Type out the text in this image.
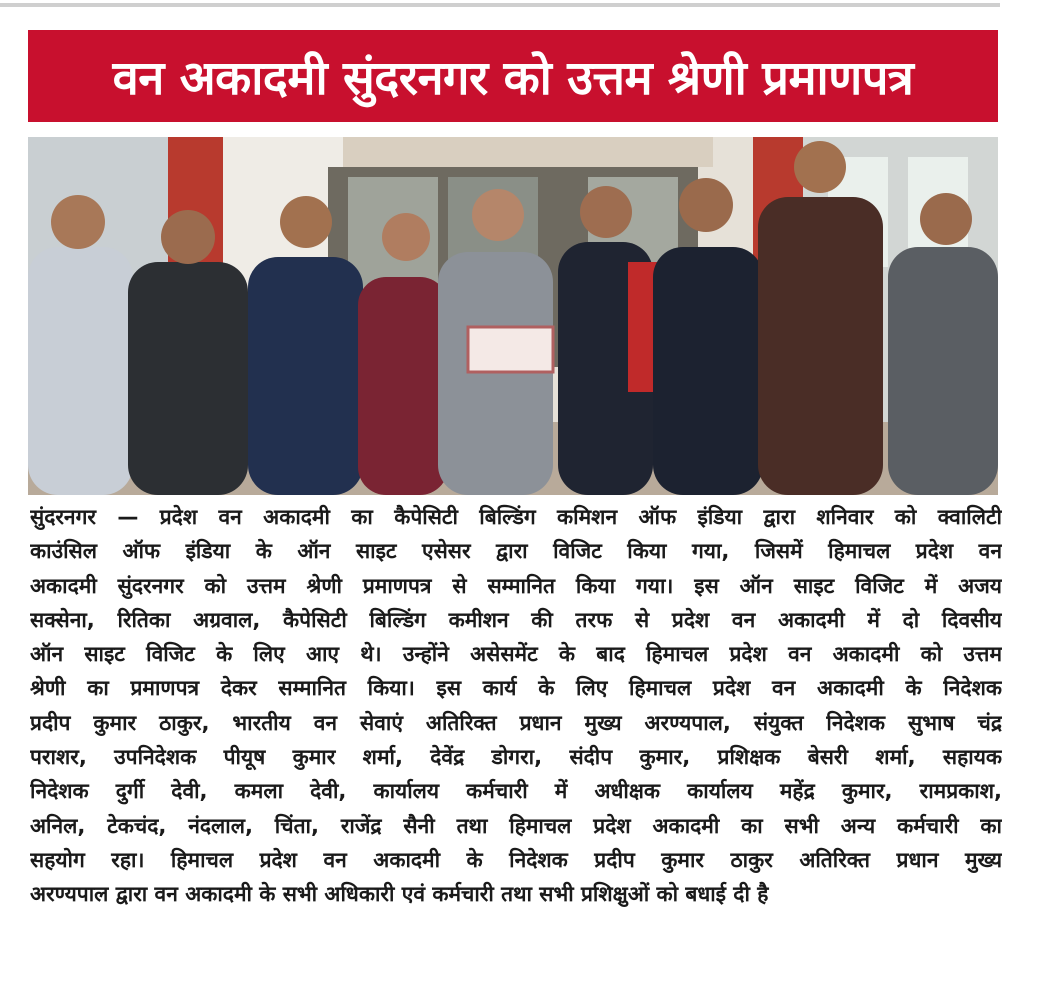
वन अकादमी सुंदरनगर को उत्तम श्रेणी प्रमाणपत्र
सुंदरनगर — प्रदेश वन अकादमी का कैपेसिटी बिल्डिंग कमिशन ऑफ इंडिया द्वारा शनिवार को क्वालिटी
काउंसिल ऑफ इंडिया के ऑन साइट एसेसर द्वारा विजिट किया गया, जिसमें हिमाचल प्रदेश वन
अकादमी सुंदरनगर को उत्तम श्रेणी प्रमाणपत्र से सम्मानित किया गया। इस ऑन साइट विजिट में अजय
सक्सेना, रितिका अग्रवाल, कैपेसिटी बिल्डिंग कमीशन की तरफ से प्रदेश वन अकादमी में दो दिवसीय
ऑन साइट विजिट के लिए आए थे। उन्होंने असेसमेंट के बाद हिमाचल प्रदेश वन अकादमी को उत्तम
श्रेणी का प्रमाणपत्र देकर सम्मानित किया। इस कार्य के लिए हिमाचल प्रदेश वन अकादमी के निदेशक
प्रदीप कुमार ठाकुर, भारतीय वन सेवाएं अतिरिक्त प्रधान मुख्य अरण्यपाल, संयुक्त निदेशक सुभाष चंद्र
पराशर, उपनिदेशक पीयूष कुमार शर्मा, देवेंद्र डोगरा, संदीप कुमार, प्रशिक्षक बेसरी शर्मा, सहायक
निदेशक दुर्गी देवी, कमला देवी, कार्यालय कर्मचारी में अधीक्षक कार्यालय महेंद्र कुमार, रामप्रकाश,
अनिल, टेकचंद, नंदलाल, चिंता, राजेंद्र सैनी तथा हिमाचल प्रदेश अकादमी का सभी अन्य कर्मचारी का
सहयोग रहा। हिमाचल प्रदेश वन अकादमी के निदेशक प्रदीप कुमार ठाकुर अतिरिक्त प्रधान मुख्य
अरण्यपाल द्वारा वन अकादमी के सभी अधिकारी एवं कर्मचारी तथा सभी प्रशिक्षुओं को बधाई दी है
